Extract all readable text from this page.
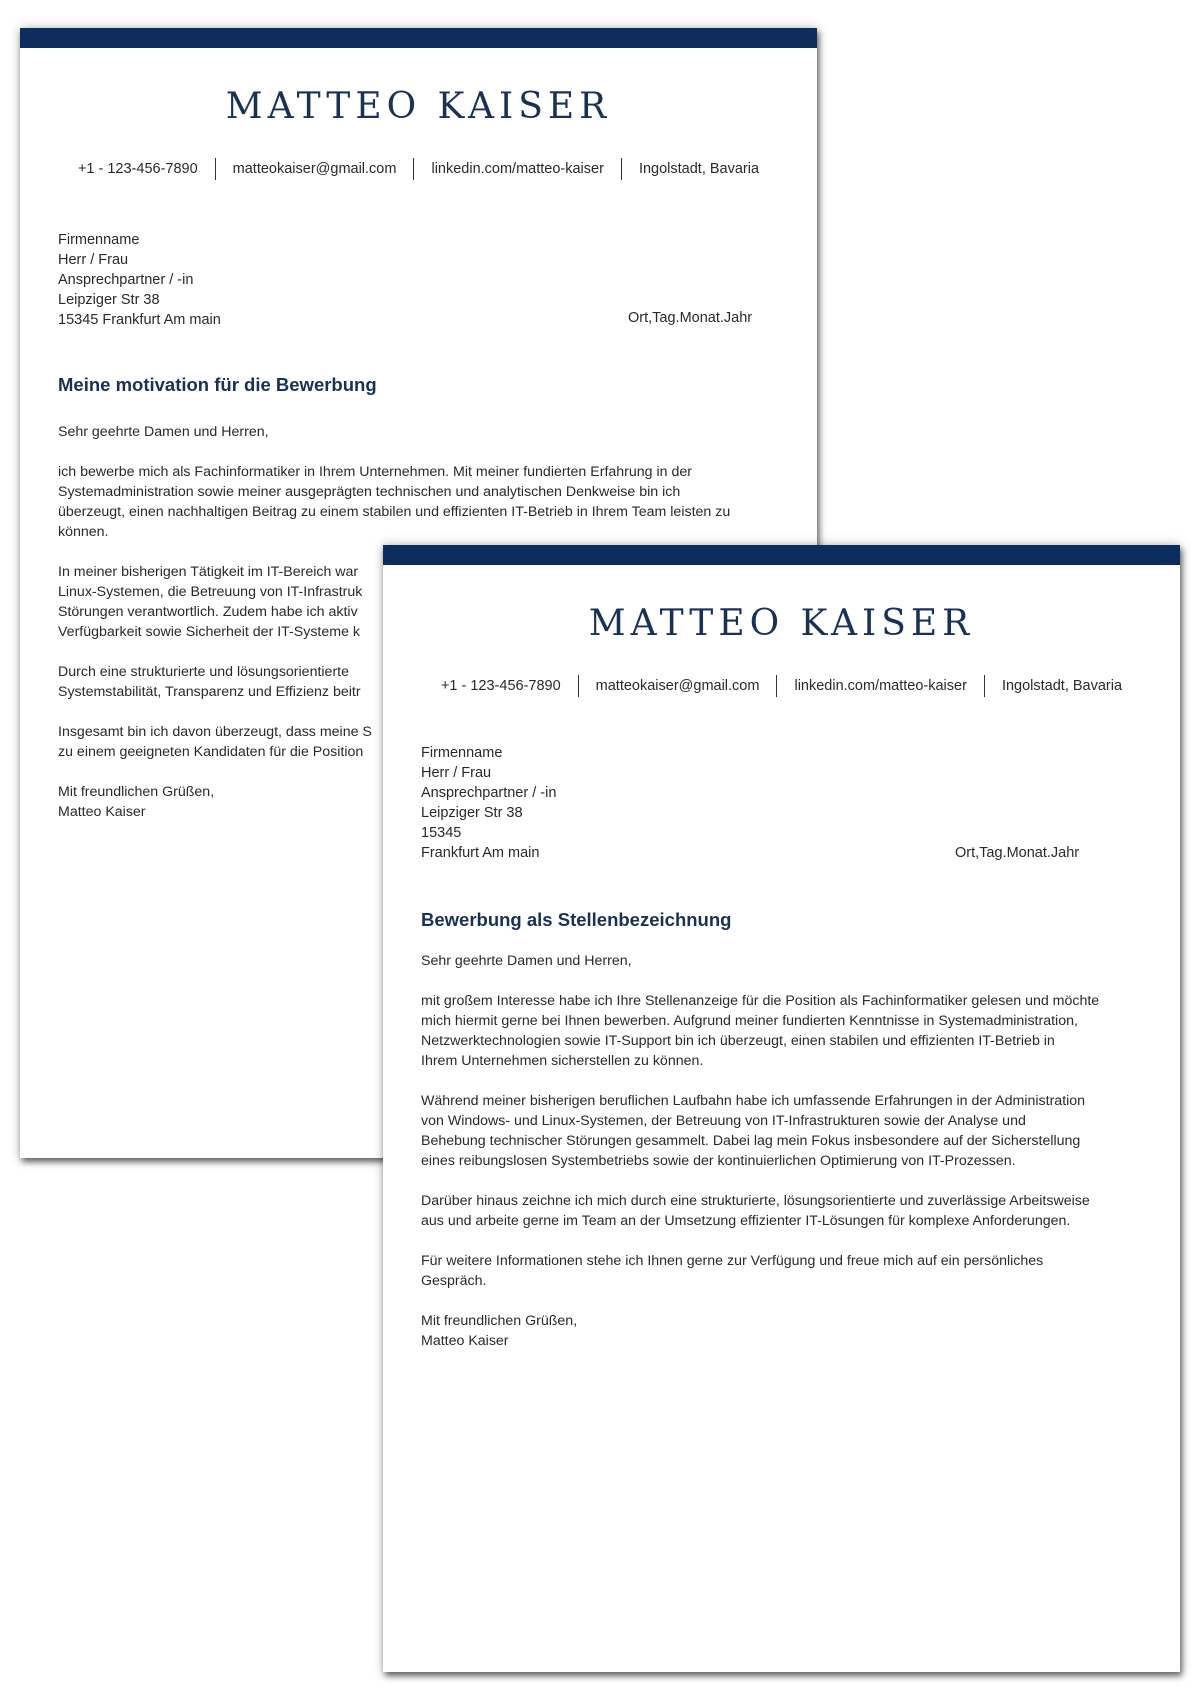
MATTEO KAISER
+1 - 123-456-7890 matteokaiser@gmail.com linkedin.com/matteo-kaiser Ingolstadt, Bavaria
Firmenname
Herr / Frau
Ansprechpartner / -in
Leipziger Str 38
15345 Frankfurt Am main	Ort,Tag.Monat.Jahr
Meine motivation für die Bewerbung

Sehr geehrte Damen und Herren,

ich bewerbe mich als Fachinformatiker in Ihrem Unternehmen. Mit meiner fundierten Erfahrung in der
Systemadministration sowie meiner ausgeprägten technischen und analytischen Denkweise bin ich
überzeugt, einen nachhaltigen Beitrag zu einem stabilen und effizienten IT-Betrieb in Ihrem Team leisten zu
können.

In meiner bisherigen Tätigkeit im IT-Bereich war
Linux-Systemen, die Betreuung von IT-Infrastruk
Störungen verantwortlich. Zudem habe ich aktiv
Verfügbarkeit sowie Sicherheit der IT-Systeme k

Durch eine strukturierte und lösungsorientierte
Systemstabilität, Transparenz und Effizienz beitr

Insgesamt bin ich davon überzeugt, dass meine S
zu einem geeigneten Kandidaten für die Position

Mit freundlichen Grüßen,
Matteo Kaiser

MATTEO KAISER
+1 - 123-456-7890 matteokaiser@gmail.com linkedin.com/matteo-kaiser Ingolstadt, Bavaria
Firmenname
Herr / Frau
Ansprechpartner / -in
Leipziger Str 38
15345
Frankfurt Am main	Ort,Tag.Monat.Jahr
Bewerbung als Stellenbezeichnung

Sehr geehrte Damen und Herren,

mit großem Interesse habe ich Ihre Stellenanzeige für die Position als Fachinformatiker gelesen und möchte
mich hiermit gerne bei Ihnen bewerben. Aufgrund meiner fundierten Kenntnisse in Systemadministration,
Netzwerktechnologien sowie IT-Support bin ich überzeugt, einen stabilen und effizienten IT-Betrieb in
Ihrem Unternehmen sicherstellen zu können.

Während meiner bisherigen beruflichen Laufbahn habe ich umfassende Erfahrungen in der Administration
von Windows- und Linux-Systemen, der Betreuung von IT-Infrastrukturen sowie der Analyse und
Behebung technischer Störungen gesammelt. Dabei lag mein Fokus insbesondere auf der Sicherstellung
eines reibungslosen Systembetriebs sowie der kontinuierlichen Optimierung von IT-Prozessen.

Darüber hinaus zeichne ich mich durch eine strukturierte, lösungsorientierte und zuverlässige Arbeitsweise
aus und arbeite gerne im Team an der Umsetzung effizienter IT-Lösungen für komplexe Anforderungen.

Für weitere Informationen stehe ich Ihnen gerne zur Verfügung und freue mich auf ein persönliches
Gespräch.

Mit freundlichen Grüßen,
Matteo Kaiser
